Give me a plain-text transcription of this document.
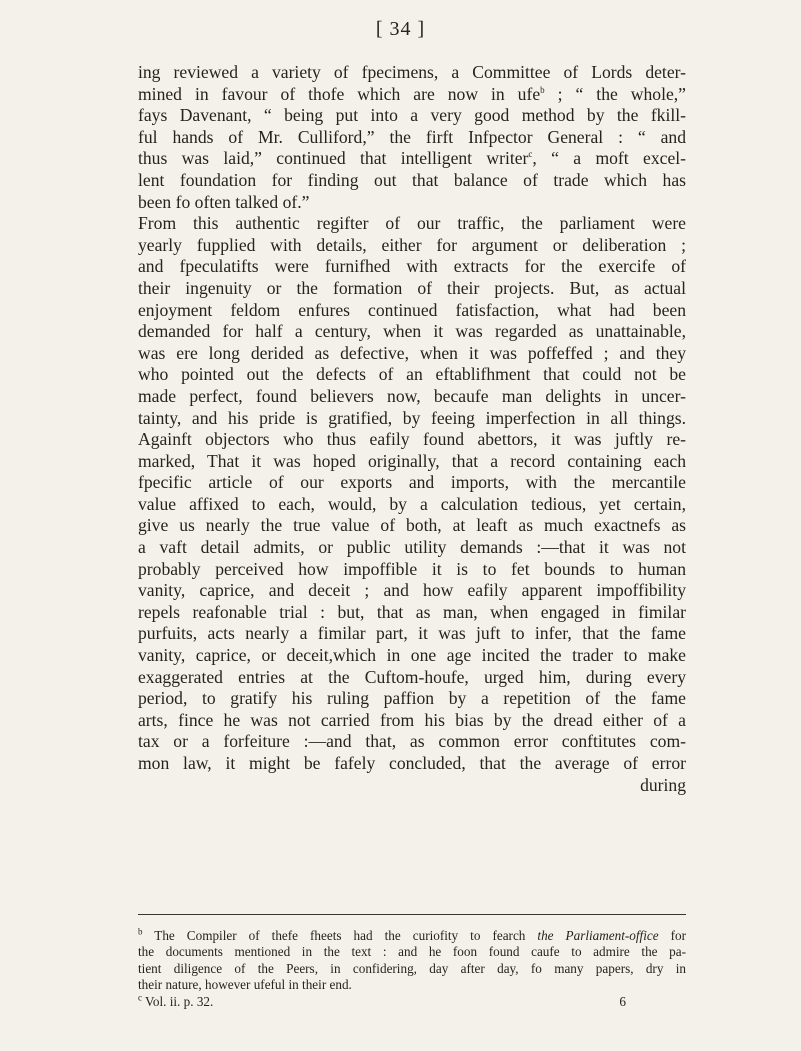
[ 34 ]
ing reviewed a variety of fpecimens, a Committee of Lords deter-
mined in favour of thofe which are now in ufe$^b$ ; “ the whole,”
fays Davenant, “ being put into a very good method by the fkill-
ful hands of Mr. Culliford,” the firft Infpector General : “ and
thus was laid,” continued that intelligent writer$^c$, “ a moft excel-
lent foundation for finding out that balance of trade which has
been fo often talked of.”
From this authentic regifter of our traffic, the parliament were
yearly fupplied with details, either for argument or deliberation ;
and fpeculatifts were furnifhed with extracts for the exercife of
their ingenuity or the formation of their projects. But, as actual
enjoyment feldom enfures continued fatisfaction, what had been
demanded for half a century, when it was regarded as unattainable,
was ere long derided as defective, when it was poffeffed ; and they
who pointed out the defects of an eftablifhment that could not be
made perfect, found believers now, becaufe man delights in uncer-
tainty, and his pride is gratified, by feeing imperfection in all things.
Againft objectors who thus eafily found abettors, it was juftly re-
marked, That it was hoped originally, that a record containing each
fpecific article of our exports and imports, with the mercantile
value affixed to each, would, by a calculation tedious, yet certain,
give us nearly the true value of both, at leaft as much exactnefs as
a vaft detail admits, or public utility demands :—that it was not
probably perceived how impoffible it is to fet bounds to human
vanity, caprice, and deceit ; and how eafily apparent impoffibility
repels reafonable trial : but, that as man, when engaged in fimilar
purfuits, acts nearly a fimilar part, it was juft to infer, that the fame
vanity, caprice, or deceit,which in one age incited the trader to make
exaggerated entries at the Cuftom-houfe, urged him, during every
period, to gratify his ruling paffion by a repetition of the fame
arts, fince he was not carried from his bias by the dread either of a
tax or a forfeiture :—and that, as common error conftitutes com-
mon law, it might be fafely concluded, that the average of error
during
$^b$ The Compiler of thefe fheets had the curiofity to fearch the Parliament-office for
the documents mentioned in the text : and he foon found caufe to admire the pa-
tient diligence of the Peers, in confidering, day after day, fo many papers, dry in
their nature, however ufeful in their end.
$^c$ Vol. ii. p. 32.	6
